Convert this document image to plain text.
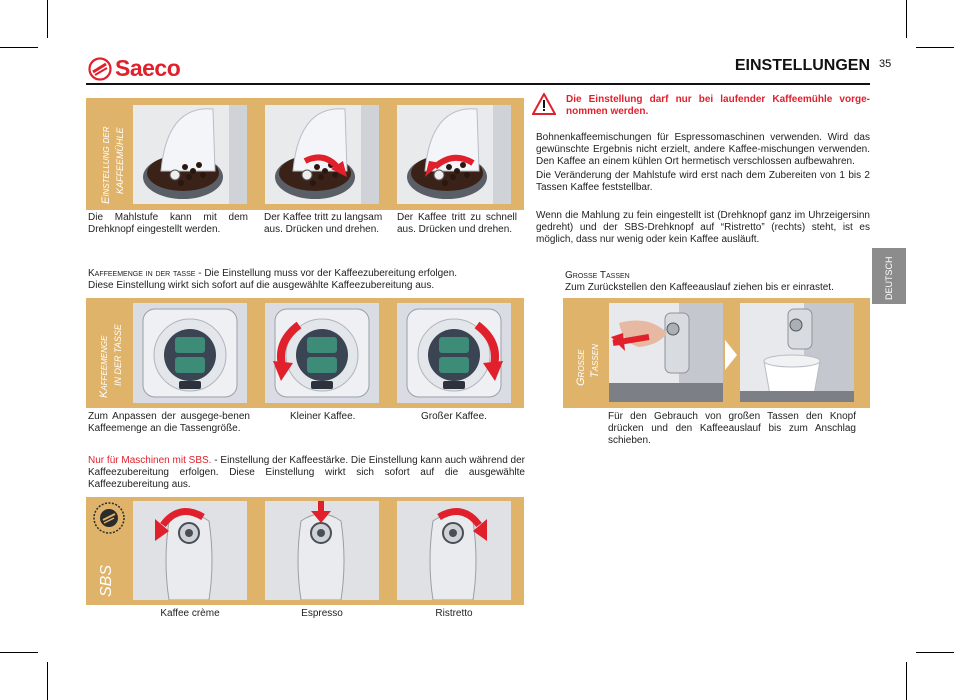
Saeco	EINSTELLUNGEN 35
DEUTSCH
Einstellung der KAFFEEMÜHLE
Die Mahlstufe kann mit dem Drehknopf eingestellt werden.
Der Kaffee tritt zu langsam aus. Drücken und drehen.
Der Kaffee tritt zu schnell aus. Drücken und drehen.
Die Einstellung darf nur bei laufender Kaffeemühle vorge-nommen werden.
Bohnenkaffeemischungen für Espressomaschinen verwenden. Wird das gewünschte Ergebnis nicht erzielt, andere Kaffee-mischungen verwenden. Den Kaffee an einem kühlen Ort hermetisch verschlossen aufbewahren.
Die Veränderung der Mahlstufe wird erst nach dem Zubereiten von 1 bis 2 Tassen Kaffee feststellbar.
Wenn die Mahlung zu fein eingestellt ist (Drehknopf ganz im Uhrzeigersinn gedreht) und der SBS-Drehknopf auf “Ristretto” (rechts) steht, ist es möglich, dass nur wenig oder kein Kaffee ausläuft.
Kaffeemenge in der tasse - Die Einstellung muss vor der Kaffeezubereitung erfolgen.
Diese Einstellung wirkt sich sofort auf die ausgewählte Kaffeezubereitung aus.
Kaffeemenge IN DER TASSE
Zum Anpassen der ausgege-benen Kaffeemenge an die Tassengröße.
Kleiner Kaffee.	Großer Kaffee.
Grosse Tassen
Zum Zurückstellen den Kaffeeauslauf ziehen bis er einrastet.
Grosse Tassen
Für den Gebrauch von großen Tassen den Knopf drücken und den Kaffeeauslauf bis zum Anschlag schieben.
Nur für Maschinen mit SBS. - Einstellung der Kaffeestärke. Die Einstellung kann auch während der Kaffeezubereitung erfolgen. Diese Einstellung wirkt sich sofort auf die ausgewählte Kaffeezubereitung aus.
SBS
Kaffee crème	Espresso	Ristretto
